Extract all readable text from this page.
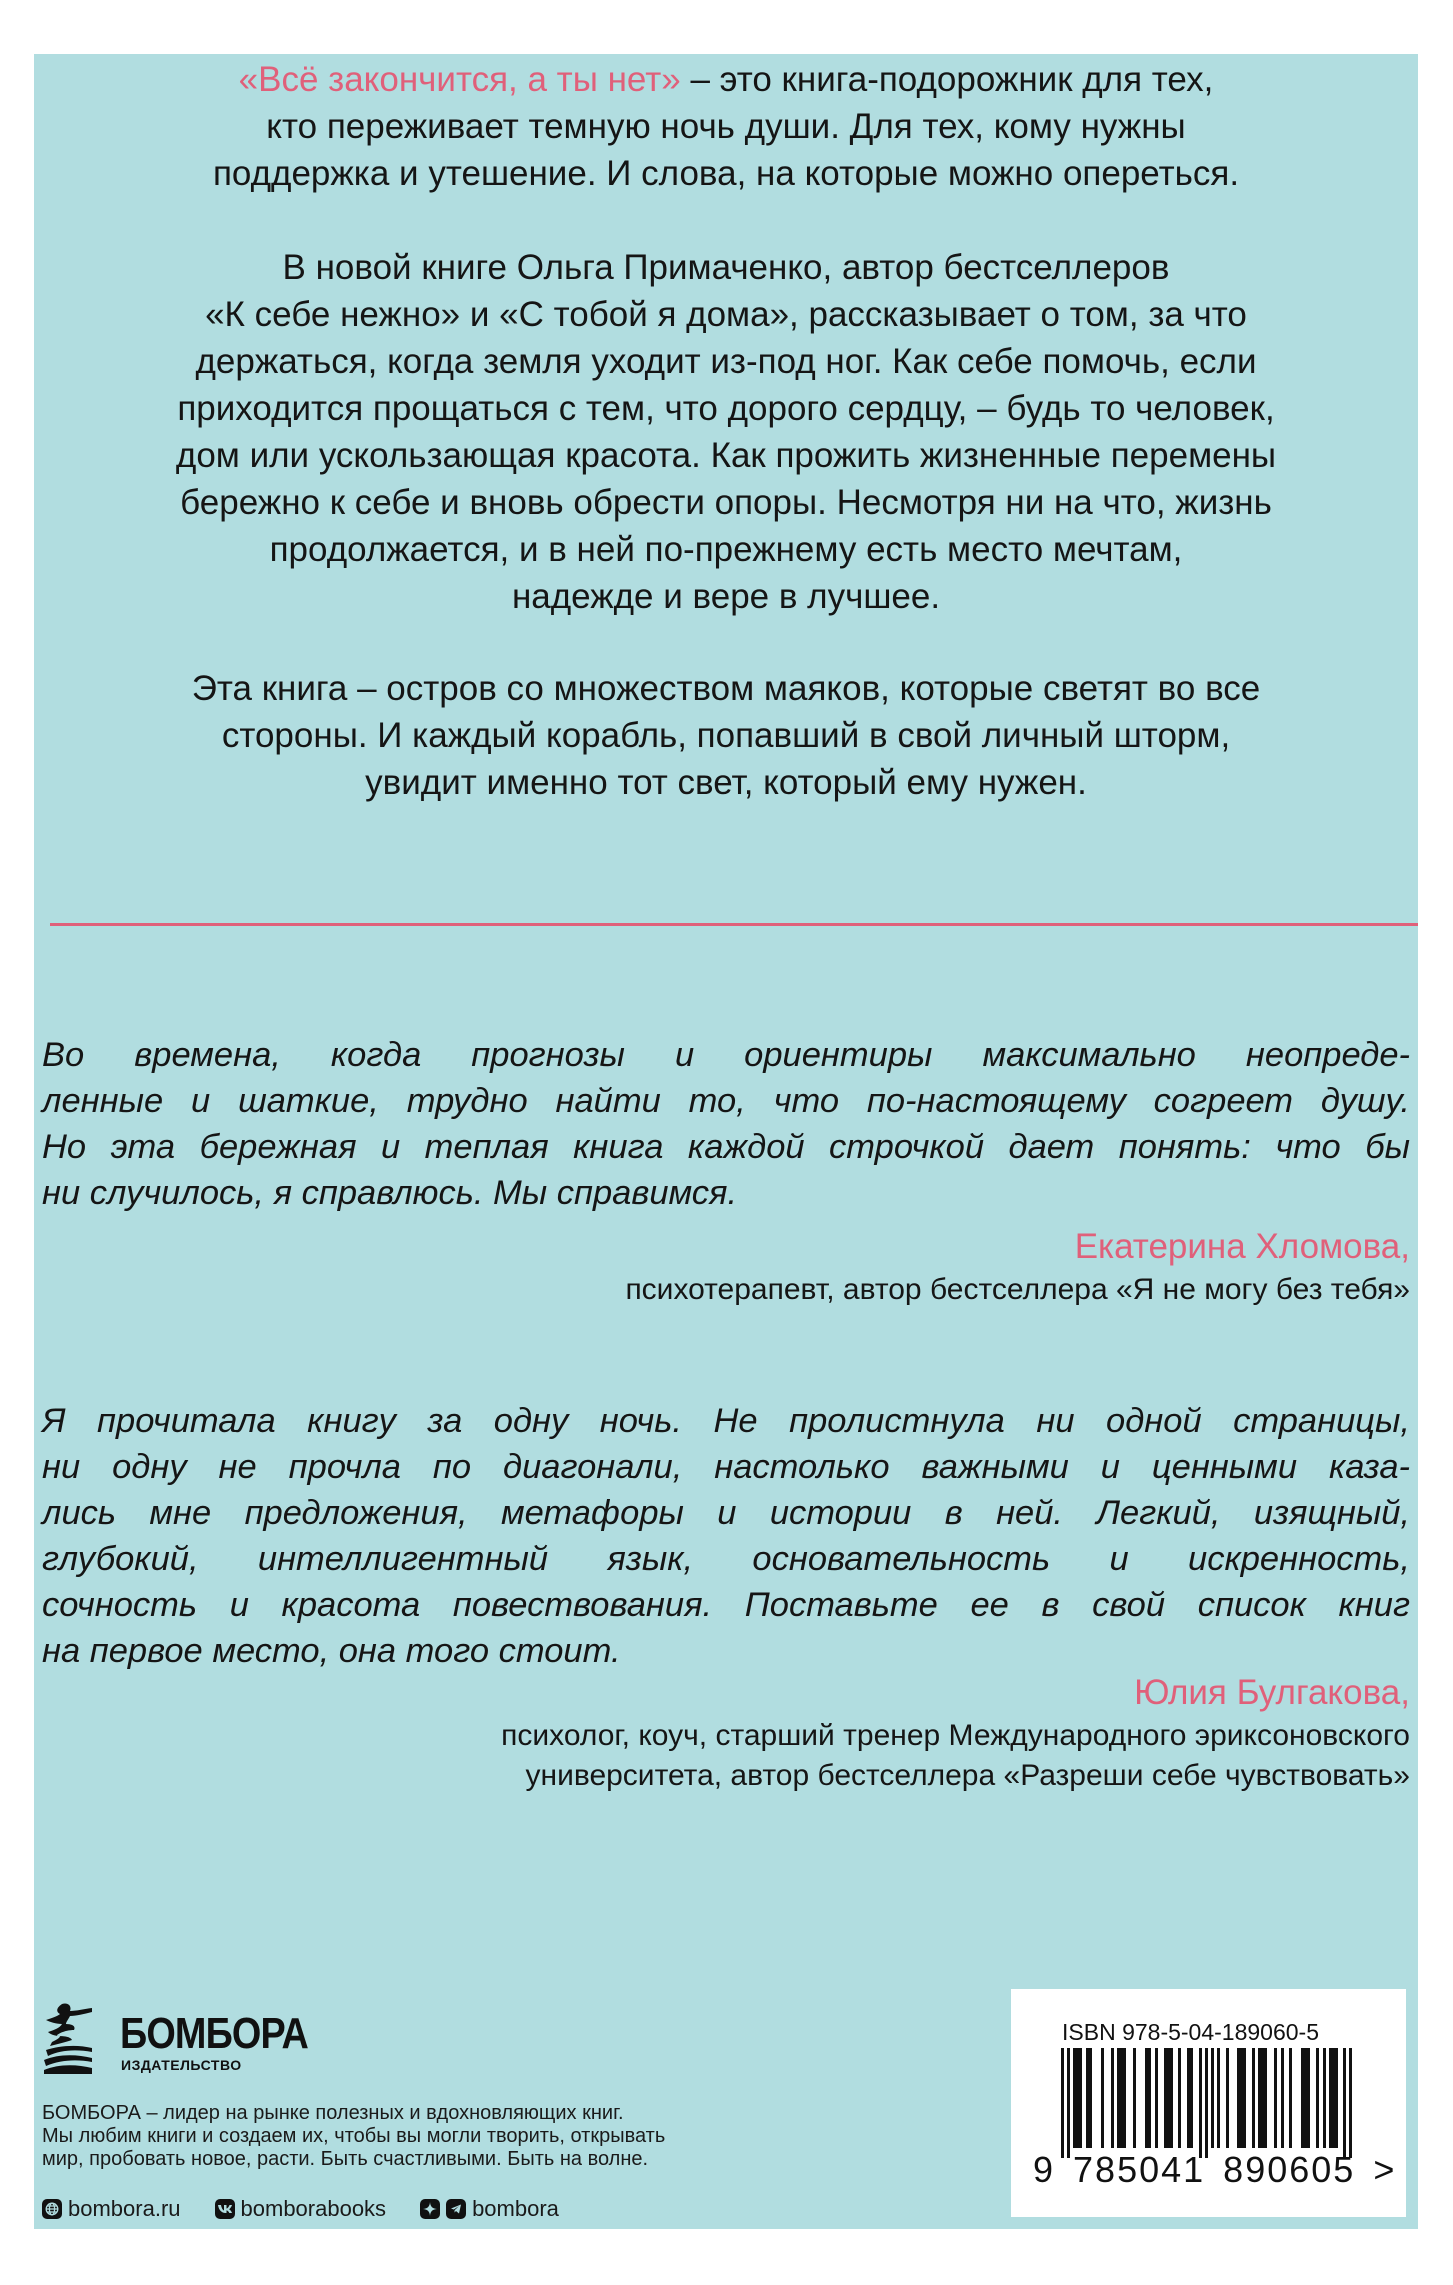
«Всё закончится, а ты нет» – это книга-подорожник для тех,
кто переживает темную ночь души. Для тех, кому нужны
поддержка и утешение. И слова, на которые можно опереться.

В новой книге Ольга Примаченко, автор бестселлеров
«К себе нежно» и «С тобой я дома», рассказывает о том, за что
держаться, когда земля уходит из-под ног. Как себе помочь, если
приходится прощаться с тем, что дорого сердцу, – будь то человек,
дом или ускользающая красота. Как прожить жизненные перемены
бережно к себе и вновь обрести опоры. Несмотря ни на что, жизнь
продолжается, и в ней по-прежнему есть место мечтам,
надежде и вере в лучшее.

Эта книга – остров со множеством маяков, которые светят во все
стороны. И каждый корабль, попавший в свой личный шторм,
увидит именно тот свет, который ему нужен.

Во времена, когда прогнозы и ориентиры максимально неопреде-
ленные и шаткие, трудно найти то, что по-настоящему согреет душу.
Но эта бережная и теплая книга каждой строчкой дает понять: что бы
ни случилось, я справлюсь. Мы справимся.
Екатерина Хломова,
психотерапевт, автор бестселлера «Я не могу без тебя»
Я прочитала книгу за одну ночь. Не пролистнула ни одной страницы,
ни одну не прочла по диагонали, настолько важными и ценными каза-
лись мне предложения, метафоры и истории в ней. Легкий, изящный,
глубокий, интеллигентный язык, основательность и искренность,
сочность и красота повествования. Поставьте ее в свой список книг
на первое место, она того стоит.
Юлия Булгакова,
психолог, коуч, старший тренер Международного эриксоновского
университета, автор бестселлера «Разреши себе чувствовать»
БОМБОРА
ИЗДАТЕЛЬСТВО
БОМБОРА – лидер на рынке полезных и вдохновляющих книг.
Мы любим книги и создаем их, чтобы вы могли творить, открывать
мир, пробовать новое, расти. Быть счастливыми. Быть на волне.
bombora.ru	bomborabooks	bombora
ISBN 978-5-04-189060-5
9 785041 890605 >
